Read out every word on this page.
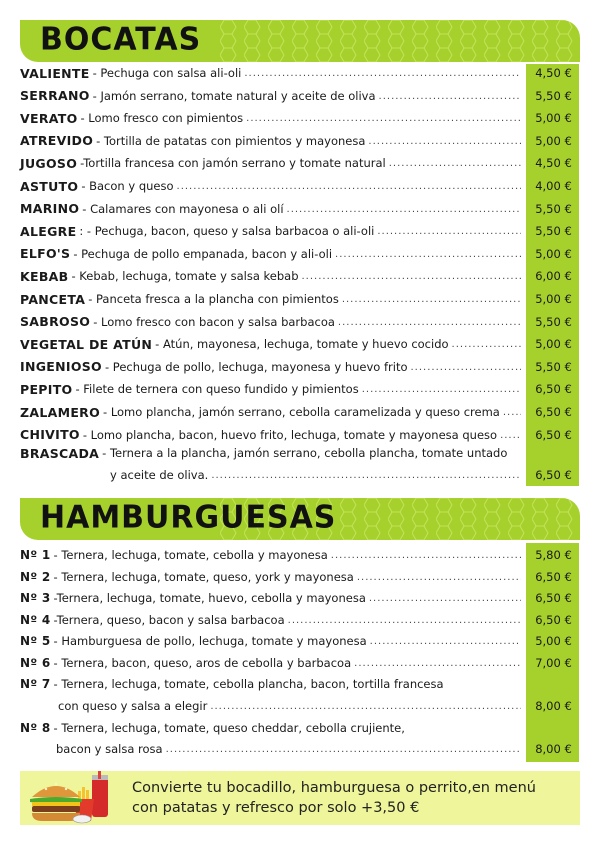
BOCATAS
VALIENTE - Pechuga con salsa ali-oli .....	4,50 €
SERRANO - Jamón serrano, tomate natural y aceite de oliva .....	5,50 €
VERATO - Lomo fresco con pimientos .....	5,00 €
ATREVIDO - Tortilla de patatas con pimientos y mayonesa .....	5,00 €
JUGOSO -Tortilla francesa con jamón serrano y tomate natural .....	4,50 €
ASTUTO - Bacon y queso .....	4,00 €
MARINO - Calamares con mayonesa o ali olí .....	5,50 €
ALEGRE : - Pechuga, bacon, queso y salsa barbacoa o ali-oli .....	5,50 €
ELFO'S - Pechuga de pollo empanada, bacon y ali-oli .....	5,00 €
KEBAB - Kebab, lechuga, tomate y salsa kebab .....	6,00 €
PANCETA - Panceta fresca a la plancha con pimientos .....	5,00 €
SABROSO - Lomo fresco con bacon y salsa barbacoa .....	5,50 €
VEGETAL DE ATÚN - Atún, mayonesa, lechuga, tomate y huevo cocido .....	5,00 €
INGENIOSO - Pechuga de pollo, lechuga, mayonesa y huevo frito .....	5,50 €
PEPITO - Filete de ternera con queso fundido y pimientos .....	6,50 €
ZALAMERO - Lomo plancha, jamón serrano, cebolla caramelizada y queso crema .....	6,50 €
CHIVITO - Lomo plancha, bacon, huevo frito, lechuga, tomate y mayonesa queso .....	6,50 €
BRASCADA - Ternera a la plancha, jamón serrano, cebolla plancha, tomate untado
y aceite de oliva. .....	6,50 €
HAMBURGUESAS
Nº 1 - Ternera, lechuga, tomate, cebolla y mayonesa .....	5,80 €
Nº 2 - Ternera, lechuga, tomate, queso, york y mayonesa .....	6,50 €
Nº 3 -Ternera, lechuga, tomate, huevo, cebolla y mayonesa .....	6,50 €
Nº 4 -Ternera, queso, bacon y salsa barbacoa .....	6,50 €
Nº 5 - Hamburguesa de pollo, lechuga, tomate y mayonesa .....	5,00 €
Nº 6 - Ternera, bacon, queso, aros de cebolla y barbacoa .....	7,00 €
Nº 7 - Ternera, lechuga, tomate, cebolla plancha, bacon, tortilla francesa
con queso y salsa a elegir .....	8,00 €
Nº 8 - Ternera, lechuga, tomate, queso cheddar, cebolla crujiente,
bacon y salsa rosa .....	8,00 €
Convierte tu bocadillo, hamburguesa o perrito,en menú
con patatas y refresco por solo +3,50 €
